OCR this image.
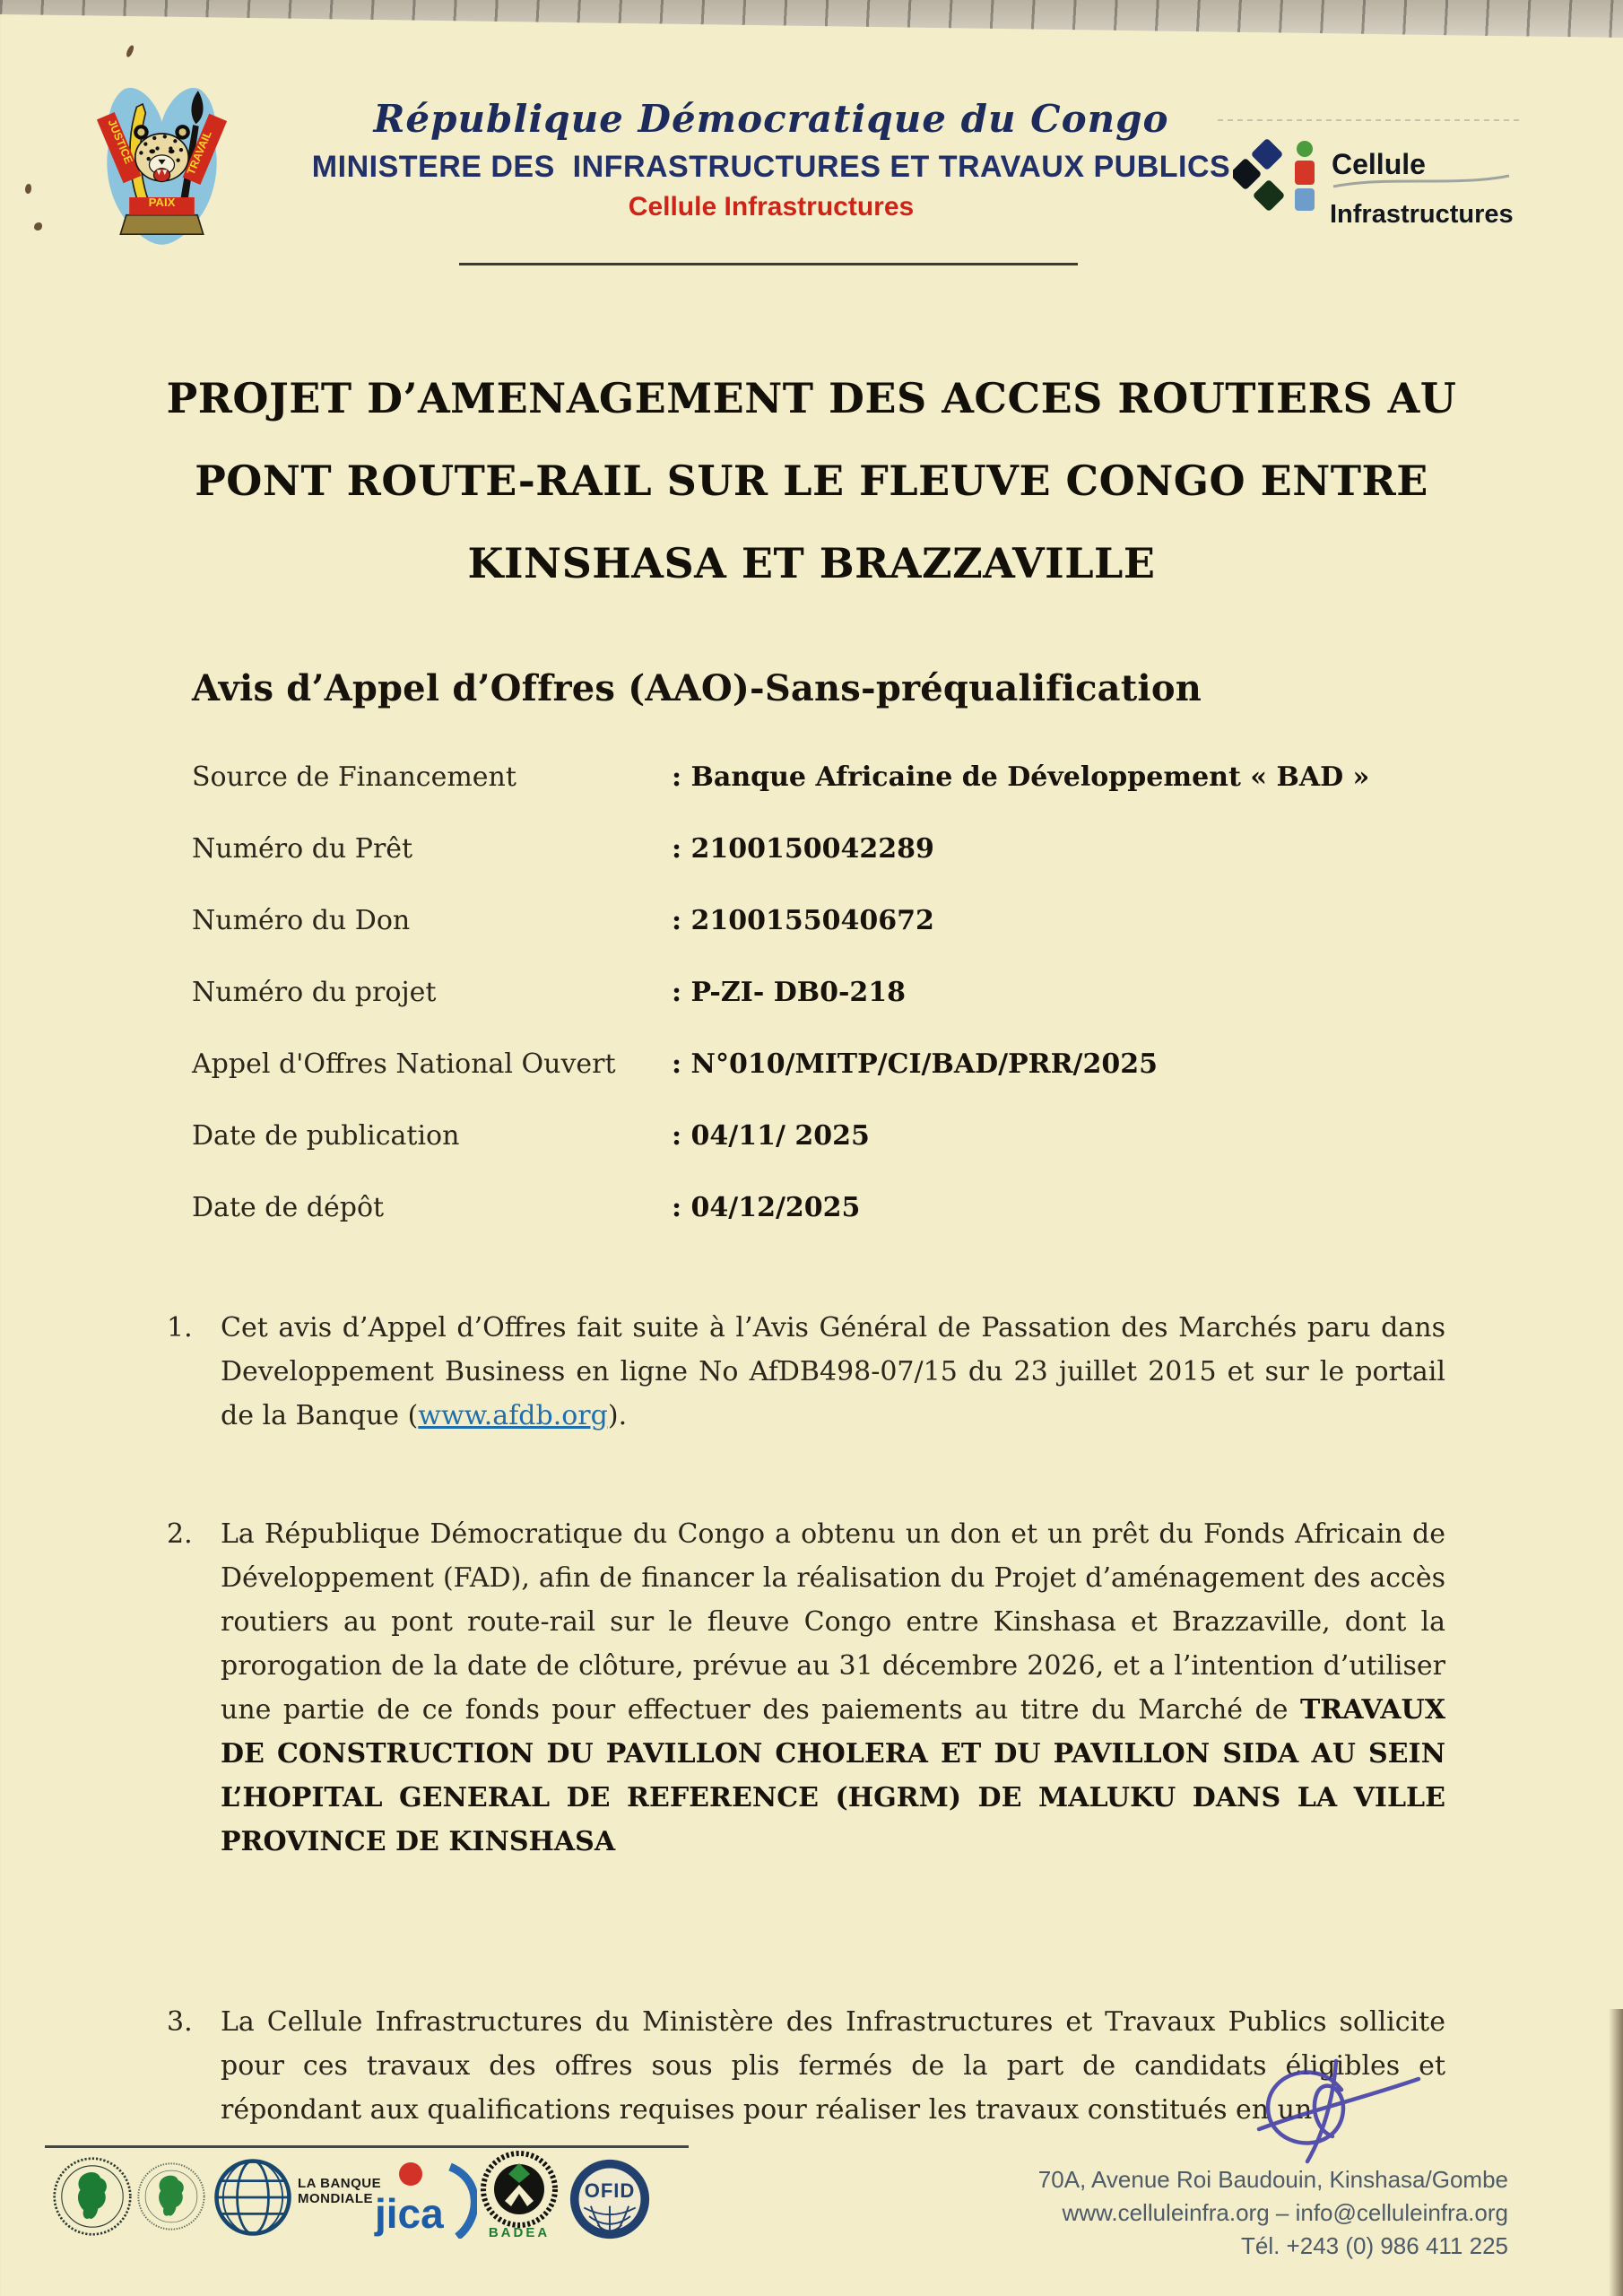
JUSTICE
TRAVAIL
PAIX
République Démocratique du Congo
MINISTERE DES  INFRASTRUCTURES ET TRAVAUX PUBLICS
Cellule Infrastructures
Cellule
Infrastructures
PROJET D’AMENAGEMENT DES ACCES ROUTIERS AU
PONT ROUTE-RAIL SUR LE FLEUVE CONGO ENTRE
KINSHASA ET BRAZZAVILLE
Avis d’Appel d’Offres (AAO)-Sans-préqualification
Source de Financement	: Banque Africaine de Développement « BAD »
Numéro du Prêt	: 2100150042289
Numéro du Don	: 2100155040672
Numéro du projet	: P-ZI- DB0-218
Appel d'Offres National Ouvert	: N°010/MITP/CI/BAD/PRR/2025
Date de publication	: 04/11/ 2025
Date de dépôt	: 04/12/2025
1. Cet avis d’Appel d’Offres fait suite à l’Avis Général de Passation des Marchés paru dans Developpement Business en ligne No AfDB498-07/15 du 23 juillet 2015 et sur le portail de la Banque (www.afdb.org).
2. La République Démocratique du Congo a obtenu un don et un prêt du Fonds Africain de Développement (FAD), afin de financer la réalisation du Projet d’aménagement des accès routiers au pont route-rail sur le fleuve Congo entre Kinshasa et Brazzaville, dont la prorogation de la date de clôture, prévue au 31 décembre 2026, et a l’intention d’utiliser une partie de ce fonds pour effectuer des paiements au titre du Marché de TRAVAUX DE CONSTRUCTION DU PAVILLON CHOLERA ET DU PAVILLON SIDA AU SEIN L’HOPITAL GENERAL DE REFERENCE (HGRM) DE MALUKU DANS LA VILLE PROVINCE DE KINSHASA
3. La Cellule Infrastructures du Ministère des Infrastructures et Travaux Publics sollicite pour ces travaux des offres sous plis fermés de la part de candidats éligibles et répondant aux qualifications requises pour réaliser les travaux constitués en un
LA BANQUE
MONDIALE jica	BADEA
OFID	70A, Avenue Roi Baudouin, Kinshasa/Gombe
www.celluleinfra.org – info@celluleinfra.org
Tél. +243 (0) 986 411 225
